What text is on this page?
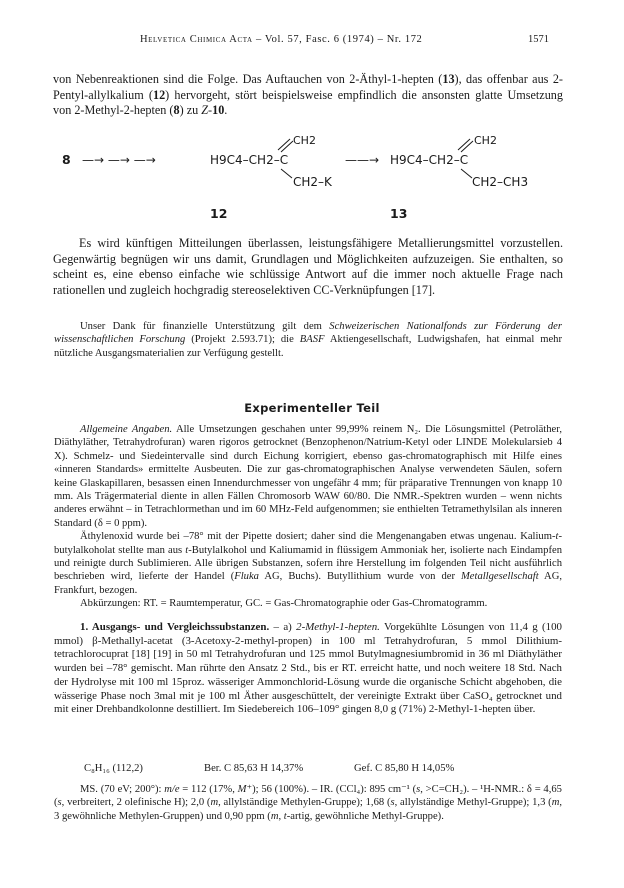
Helvetica Chimica Acta – Vol. 57, Fasc. 6 (1974) – Nr. 172	1571

von Nebenreaktionen sind die Folge. Das Auftauchen von 2-Äthyl-1-hepten (13), das offenbar aus 2-Pentyl-allylkalium (12) hervorgeht, stört beispielsweise empfindlich die ansonsten glatte Umsetzung von 2-Methyl-2-hepten (8) zu Z-10.

8 —→ —→ —→
CH2
H9C4–CH2–C
CH2–K
——→
CH2
H9C4–CH2–C
CH2–CH3
12	13

Es wird künftigen Mitteilungen überlassen, leistungsfähigere Metallierungsmittel vorzustellen. Gegenwärtig begnügen wir uns damit, Grundlagen und Möglichkeiten aufzuzeigen. Sie enthalten, so scheint es, eine ebenso einfache wie schlüssige Antwort auf die immer noch aktuelle Frage nach rationellen und zugleich hochgradig stereoselektiven CC-Verknüpfungen [17].

Unser Dank für finanzielle Unterstützung gilt dem Schweizerischen Nationalfonds zur Förderung der wissenschaftlichen Forschung (Projekt 2.593.71); die BASF Aktiengesellschaft, Ludwigshafen, hat einmal mehr nützliche Ausgangsmaterialien zur Verfügung gestellt.

Experimenteller Teil

Allgemeine Angaben. Alle Umsetzungen geschahen unter 99,99% reinem N₂. Die Lösungsmittel (Petroläther, Diäthyläther, Tetrahydrofuran) waren rigoros getrocknet (Benzophenon/Natrium-Ketyl oder LINDE Molekularsieb 4 X). Schmelz- und Siedeintervalle sind durch Eichung korrigiert, ebenso gas-chromatographisch mit Hilfe eines «inneren Standards» ermittelte Ausbeuten. Die zur gas-chromatographischen Analyse verwendeten Säulen, sofern keine Glaskapillaren, besassen einen Innendurchmesser von ungefähr 4 mm; für präparative Trennungen von knapp 10 mm. Als Trägermaterial diente in allen Fällen Chromosorb WAW 60/80. Die NMR.-Spektren wurden – wenn nichts anderes erwähnt – in Tetrachlormethan und im 60 MHz-Feld aufgenommen; sie enthielten Tetramethylsilan als inneren Standard (δ = 0 ppm).

Äthylenoxid wurde bei –78° mit der Pipette dosiert; daher sind die Mengenangaben etwas ungenau. Kalium-t-butylalkoholat stellte man aus t-Butylalkohol und Kaliumamid in flüssigem Ammoniak her, isolierte nach Eindampfen und reinigte durch Sublimieren. Alle übrigen Substanzen, sofern ihre Herstellung im folgenden Teil nicht ausführlich beschrieben wird, lieferte der Handel (Fluka AG, Buchs). Butyllithium wurde von der Metallgesellschaft AG, Frankfurt, bezogen.

Abkürzungen: RT. = Raumtemperatur, GC. = Gas-Chromatographie oder Gas-Chromatogramm.

1. Ausgangs- und Vergleichssubstanzen. – a) 2-Methyl-1-hepten. Vorgekühlte Lösungen von 11,4 g (100 mmol) β-Methallyl-acetat (3-Acetoxy-2-methyl-propen) in 100 ml Tetrahydrofuran, 5 mmol Dilithium-tetrachlorocuprat [18] [19] in 50 ml Tetrahydrofuran und 125 mmol Butylmagnesiumbromid in 36 ml Diäthyläther wurden bei –78° gemischt. Man rührte den Ansatz 2 Std., bis er RT. erreicht hatte, und noch weitere 18 Std. Nach der Hydrolyse mit 100 ml 15proz. wässeriger Ammonchlorid-Lösung wurde die organische Schicht abgehoben, die wässerige Phase noch 3mal mit je 100 ml Äther ausgeschüttelt, der vereinigte Extrakt über CaSO₄ getrocknet und mit einer Drehbandkolonne destilliert. Im Siedebereich 106–109° gingen 8,0 g (71%) 2-Methyl-1-hepten über.

C₈H₁₆ (112,2)	Ber. C 85,63 H 14,37%	Gef. C 85,80 H 14,05%

MS. (70 eV; 200°): m/e = 112 (17%, M⁺); 56 (100%). – IR. (CCl₄): 895 cm⁻¹ (s, >C=CH₂). – ¹H-NMR.: δ = 4,65 (s, verbreitert, 2 olefinische H); 2,0 (m, allylständige Methylen-Gruppe); 1,68 (s, allylständige Methyl-Gruppe); 1,3 (m, 3 gewöhnliche Methylen-Gruppen) und 0,90 ppm (m, t-artig, gewöhnliche Methyl-Gruppe).
